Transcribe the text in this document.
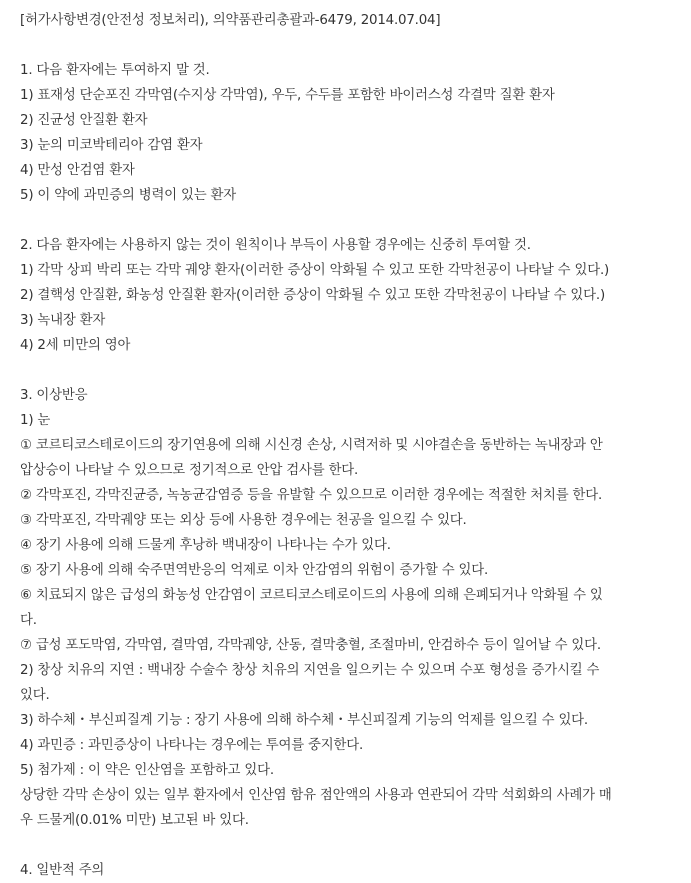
[허가사항변경(안전성 정보처리), 의약품관리총괄과-6479, 2014.07.04]
1. 다음 환자에는 투여하지 말 것.
1) 표재성 단순포진 각막염(수지상 각막염), 우두, 수두를 포함한 바이러스성 각결막 질환 환자
2) 진균성 안질환 환자
3) 눈의 미코박테리아 감염 환자
4) 만성 안검염 환자
5) 이 약에 과민증의 병력이 있는 환자
2. 다음 환자에는 사용하지 않는 것이 원칙이나 부득이 사용할 경우에는 신중히 투여할 것.
1) 각막 상피 박리 또는 각막 궤양 환자(이러한 증상이 악화될 수 있고 또한 각막천공이 나타날 수 있다.)
2) 결핵성 안질환, 화농성 안질환 환자(이러한 증상이 악화될 수 있고 또한 각막천공이 나타날 수 있다.)
3) 녹내장 환자
4) 2세 미만의 영아
3. 이상반응
1) 눈
① 코르티코스테로이드의 장기연용에 의해 시신경 손상, 시력저하 및 시야결손을 동반하는 녹내장과 안
압상승이 나타날 수 있으므로 정기적으로 안압 검사를 한다.
② 각막포진, 각막진균증, 녹농균감염증 등을 유발할 수 있으므로 이러한 경우에는 적절한 처치를 한다.
③ 각막포진, 각막궤양 또는 외상 등에 사용한 경우에는 천공을 일으킬 수 있다.
④ 장기 사용에 의해 드물게 후낭하 백내장이 나타나는 수가 있다.
⑤ 장기 사용에 의해 숙주면역반응의 억제로 이차 안감염의 위험이 증가할 수 있다.
⑥ 치료되지 않은 급성의 화농성 안감염이 코르티코스테로이드의 사용에 의해 은폐되거나 악화될 수 있
다.
⑦ 급성 포도막염, 각막염, 결막염, 각막궤양, 산동, 결막충혈, 조절마비, 안검하수 등이 일어날 수 있다.
2) 창상 치유의 지연 : 백내장 수술수 창상 치유의 지연을 일으키는 수 있으며 수포 형성을 증가시킬 수
있다.
3) 하수체・부신피질계 기능 : 장기 사용에 의해 하수체・부신피질계 기능의 억제를 일으킬 수 있다.
4) 과민증 : 과민증상이 나타나는 경우에는 투여를 중지한다.
5) 첨가제 : 이 약은 인산염을 포함하고 있다.
상당한 각막 손상이 있는 일부 환자에서 인산염 함유 점안액의 사용과 연관되어 각막 석회화의 사례가 매
우 드물게(0.01% 미만) 보고된 바 있다.
4. 일반적 주의
